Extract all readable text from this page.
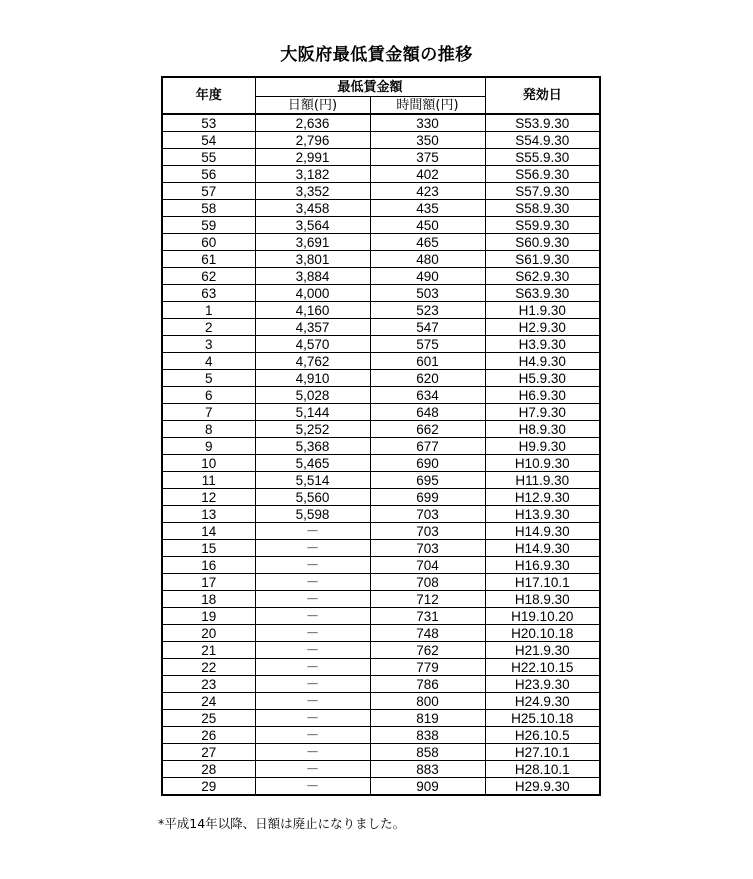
大阪府最低賃金額の推移
年度	最低賃金額		発効日
	日額(円)	時間額(円)	
53	2,636	330	S53.9.30
54	2,796	350	S54.9.30
55	2,991	375	S55.9.30
56	3,182	402	S56.9.30
57	3,352	423	S57.9.30
58	3,458	435	S58.9.30
59	3,564	450	S59.9.30
60	3,691	465	S60.9.30
61	3,801	480	S61.9.30
62	3,884	490	S62.9.30
63	4,000	503	S63.9.30
1	4,160	523	H1.9.30
2	4,357	547	H2.9.30
3	4,570	575	H3.9.30
4	4,762	601	H4.9.30
5	4,910	620	H5.9.30
6	5,028	634	H6.9.30
7	5,144	648	H7.9.30
8	5,252	662	H8.9.30
9	5,368	677	H9.9.30
10	5,465	690	H10.9.30
11	5,514	695	H11.9.30
12	5,560	699	H12.9.30
13	5,598	703	H13.9.30
14	－	703	H14.9.30
15	－	703	H14.9.30
16	－	704	H16.9.30
17	－	708	H17.10.1
18	－	712	H18.9.30
19	－	731	H19.10.20
20	－	748	H20.10.18
21	－	762	H21.9.30
22	－	779	H22.10.15
23	－	786	H23.9.30
24	－	800	H24.9.30
25	－	819	H25.10.18
26	－	838	H26.10.5
27	－	858	H27.10.1
28	－	883	H28.10.1
29	－	909	H29.9.30
*平成14年以降、日額は廃止になりました。
